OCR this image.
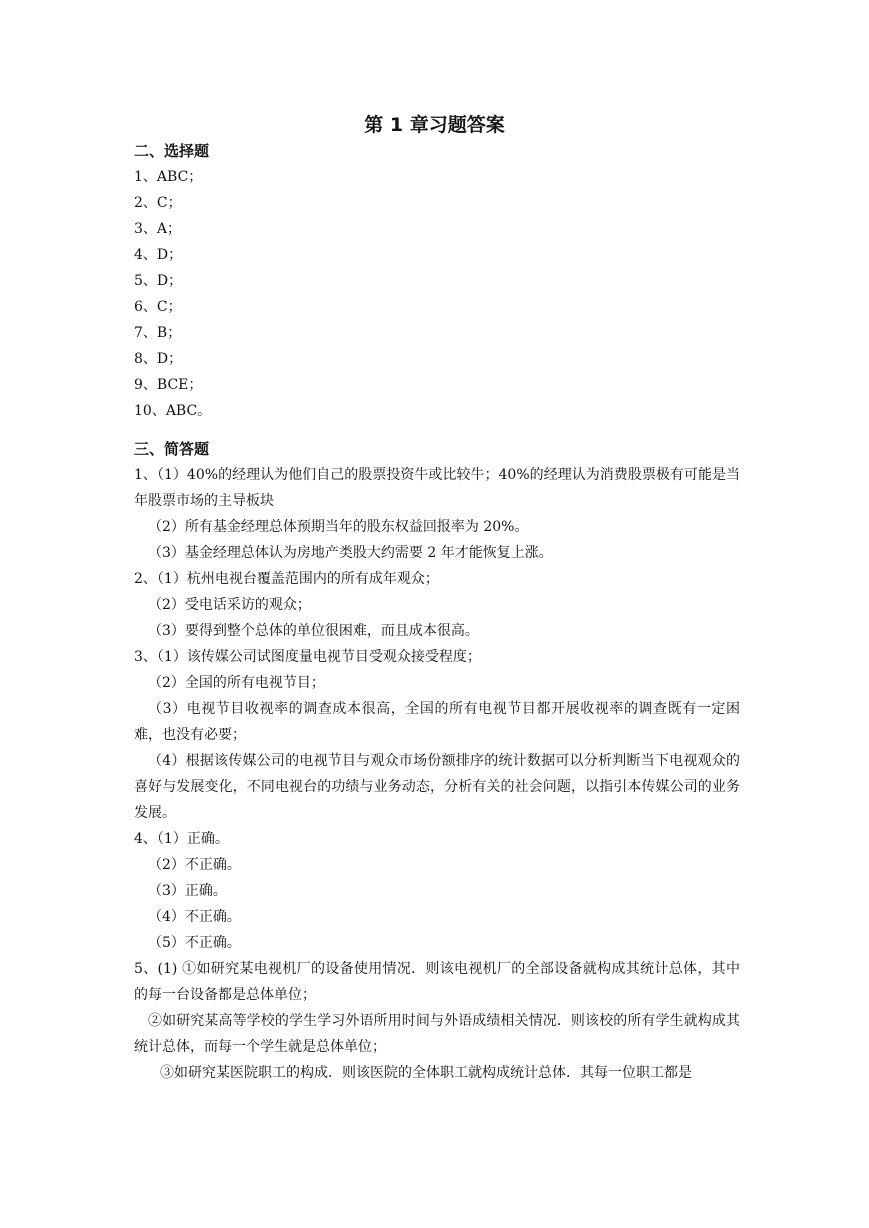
第 1 章习题答案
二、选择题
1、ABC；
2、C；
3、A；
4、D；
5、D；
6、C；
7、B；
8、D；
9、BCE；
10、ABC。
三、简答题
1、（1）40%的经理认为他们自己的股票投资牛或比较牛；40%的经理认为消费股票极有可能是当年股票市场的主导板块
（2）所有基金经理总体预期当年的股东权益回报率为 20%。
（3）基金经理总体认为房地产类股大约需要 2 年才能恢复上涨。
2、（1）杭州电视台覆盖范围内的所有成年观众；
（2）受电话采访的观众；
（3）要得到整个总体的单位很困难，而且成本很高。
3、（1）该传媒公司试图度量电视节目受观众接受程度；
（2）全国的所有电视节目；
（3）电视节目收视率的调查成本很高，全国的所有电视节目都开展收视率的调查既有一定困难，也没有必要；
（4）根据该传媒公司的电视节目与观众市场份额排序的统计数据可以分析判断当下电视观众的喜好与发展变化，不同电视台的功绩与业务动态，分析有关的社会问题，以指引本传媒公司的业务发展。
4、（1）正确。
（2）不正确。
（3）正确。
（4）不正确。
（5）不正确。
5、(1) ①如研究某电视机厂的设备使用情况．则该电视机厂的全部设备就构成其统计总体，其中的每一台设备都是总体单位；
②如研究某高等学校的学生学习外语所用时间与外语成绩相关情况．则该校的所有学生就构成其统计总体，而每一个学生就是总体单位；
③如研究某医院职工的构成．则该医院的全体职工就构成统计总体．其每一位职工都是
